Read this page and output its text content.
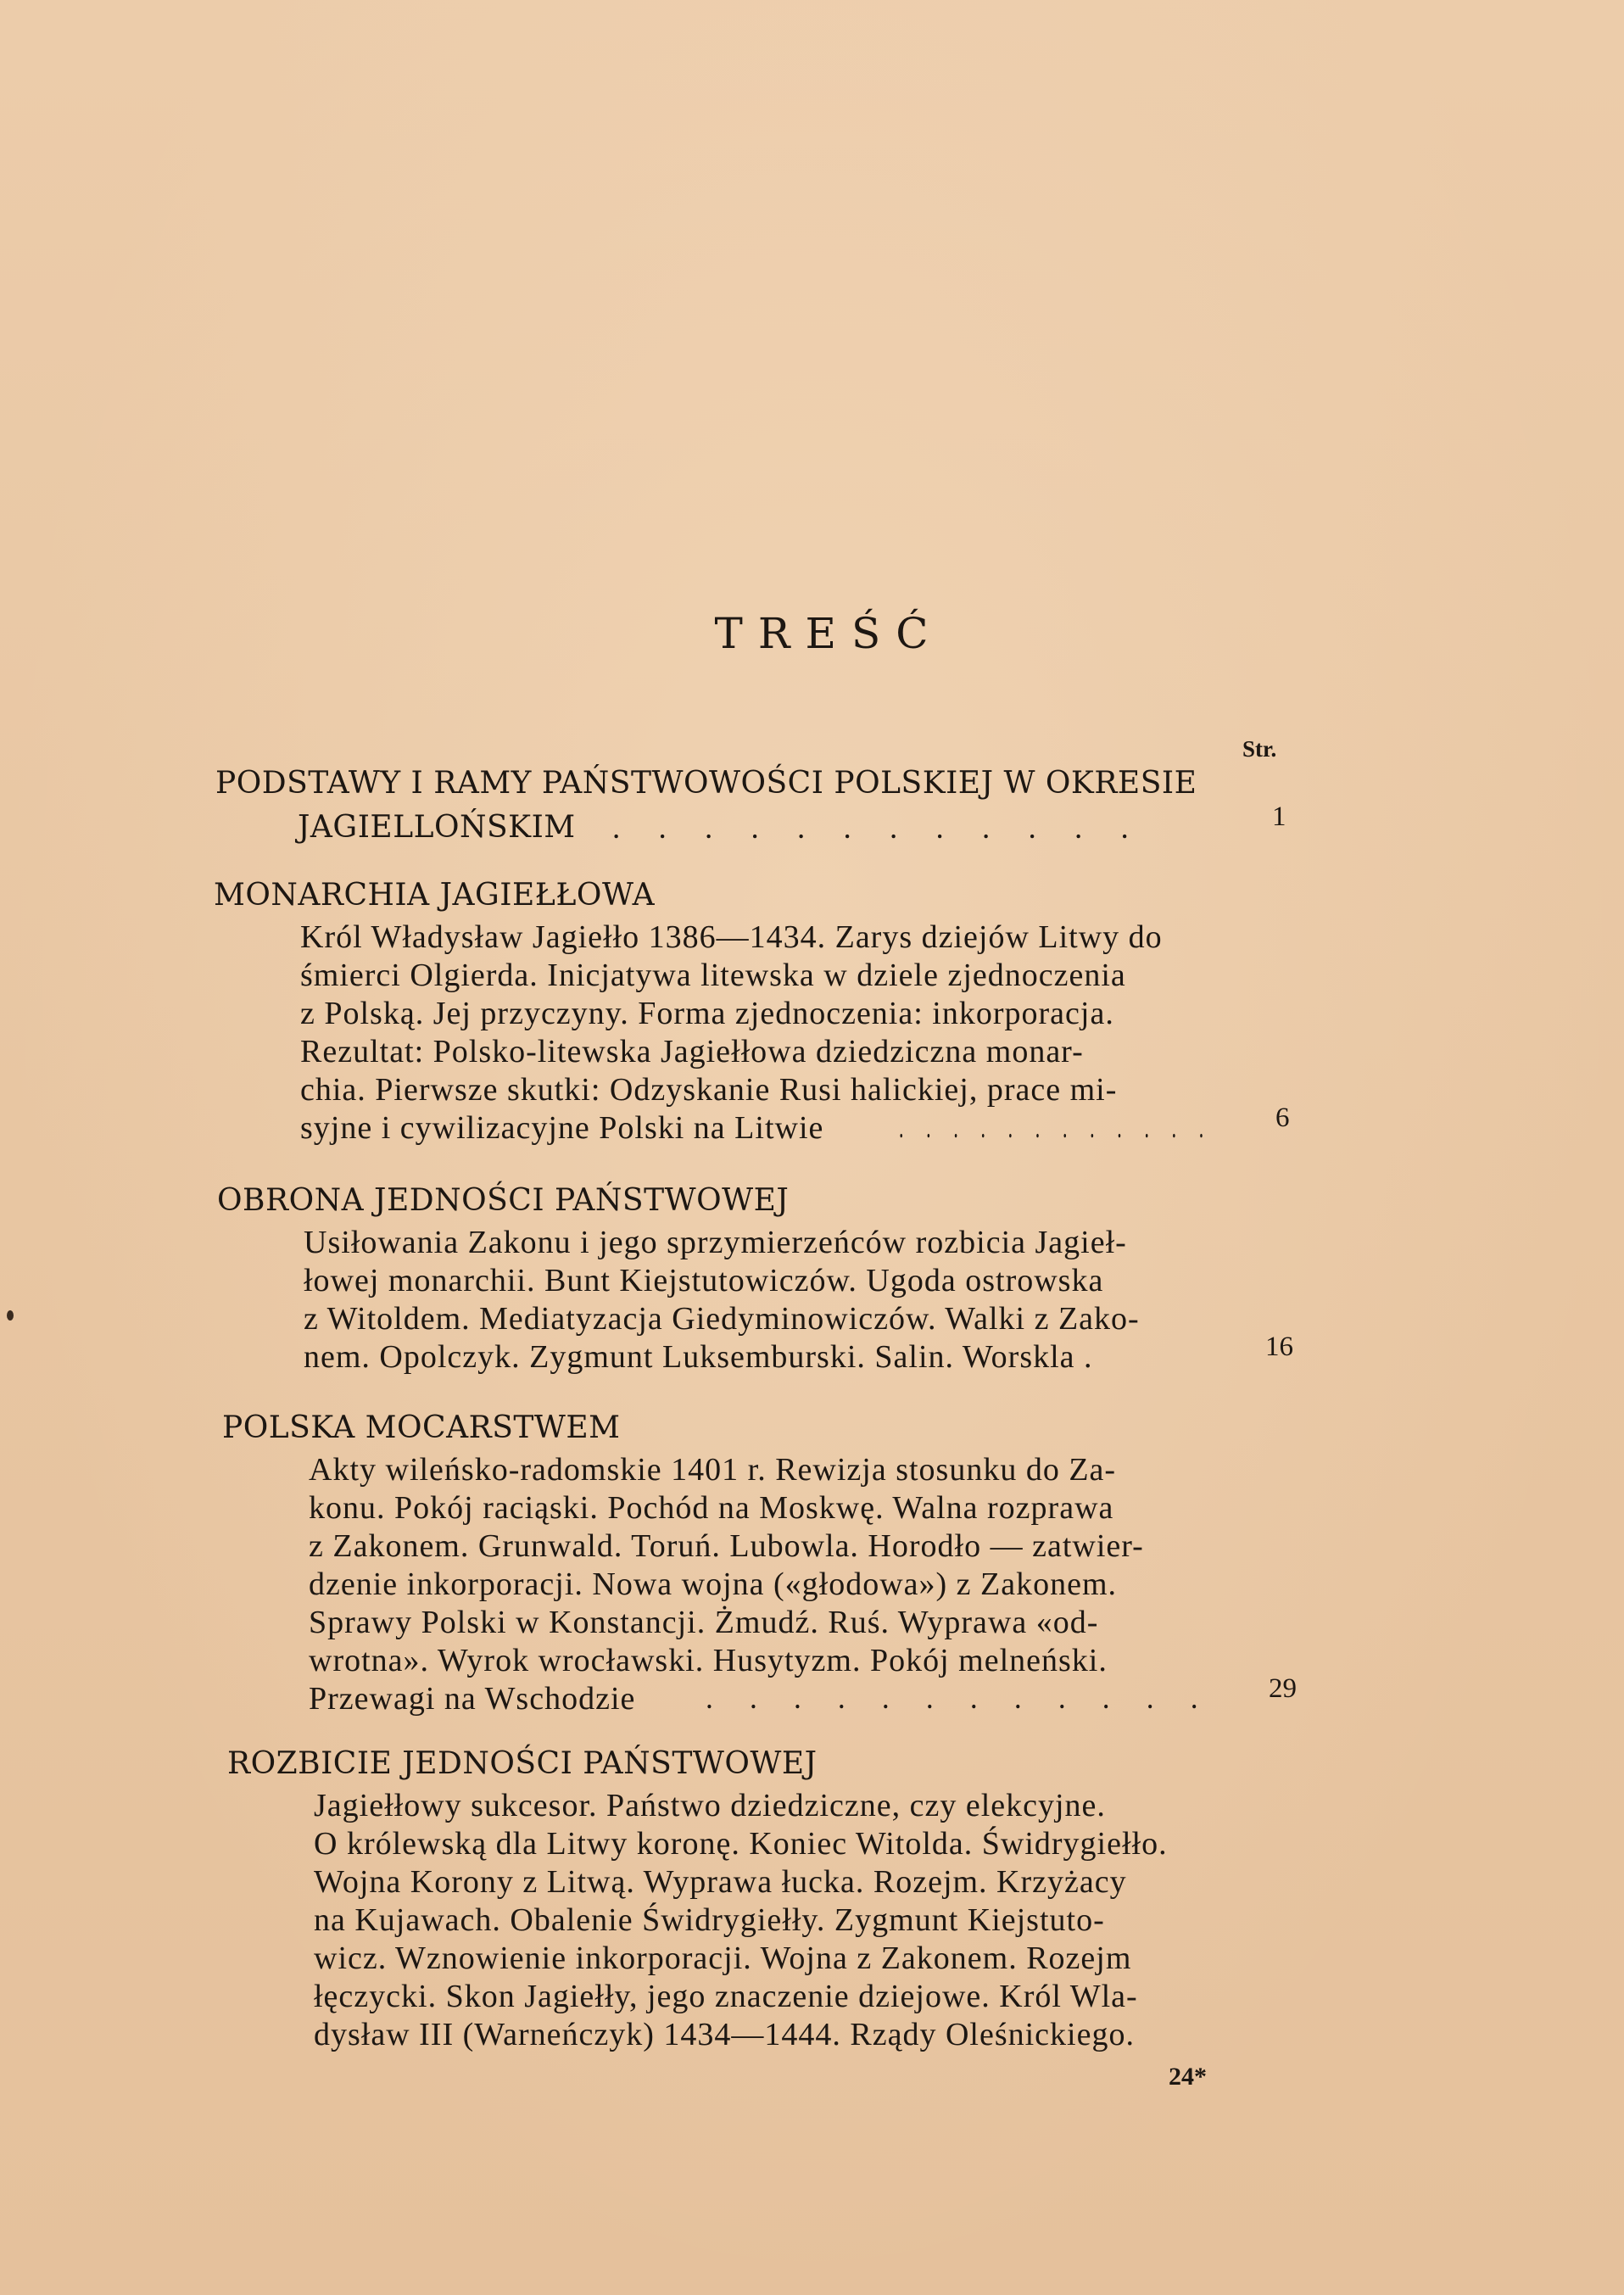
TREŚĆ
Str.
PODSTAWY I RAMY PAŃSTWOWOŚCI POLSKIEJ W OKRESIE
JAGIELLOŃSKIM . . . . . . . . . . . .	1
MONARCHIA JAGIEŁŁOWA
Król Władysław Jagiełło 1386—1434. Zarys dziejów Litwy do
śmierci Olgierda. Inicjatywa litewska w dziele zjednoczenia
z Polską. Jej przyczyny. Forma zjednoczenia: inkorporacja.
Rezultat: Polsko-litewska Jagiełłowa dziedziczna monar-
chia. Pierwsze skutki: Odzyskanie Rusi halickiej, prace mi-
syjne i cywilizacyjne Polski na Litwie . . . . . . . . . . . . 6
OBRONA JEDNOŚCI PAŃSTWOWEJ
Usiłowania Zakonu i jego sprzymierzeńców rozbicia Jagieł-
łowej monarchii. Bunt Kiejstutowiczów. Ugoda ostrowska
z Witoldem. Mediatyzacja Giedyminowiczów. Walki z Zako-
nem. Opolczyk. Zygmunt Luksemburski. Salin. Worskla .	16
POLSKA MOCARSTWEM
Akty wileńsko-radomskie 1401 r. Rewizja stosunku do Za-
konu. Pokój raciąski. Pochód na Moskwę. Walna rozprawa
z Zakonem. Grunwald. Toruń. Lubowla. Horodło — zatwier-
dzenie inkorporacji. Nowa wojna («głodowa») z Zakonem.
Sprawy Polski w Konstancji. Żmudź. Ruś. Wyprawa «od-
wrotna». Wyrok wrocławski. Husytyzm. Pokój melneński.
Przewagi na Wschodzie . . . . . . . . . . . . 29
ROZBICIE JEDNOŚCI PAŃSTWOWEJ
Jagiełłowy sukcesor. Państwo dziedziczne, czy elekcyjne.
O królewską dla Litwy koronę. Koniec Witolda. Świdrygiełło.
Wojna Korony z Litwą. Wyprawa łucka. Rozejm. Krzyżacy
na Kujawach. Obalenie Świdrygiełły. Zygmunt Kiejstuto-
wicz. Wznowienie inkorporacji. Wojna z Zakonem. Rozejm
łęczycki. Skon Jagiełły, jego znaczenie dziejowe. Król Wla-
dysław III (Warneńczyk) 1434—1444. Rządy Oleśnickiego.
24*
